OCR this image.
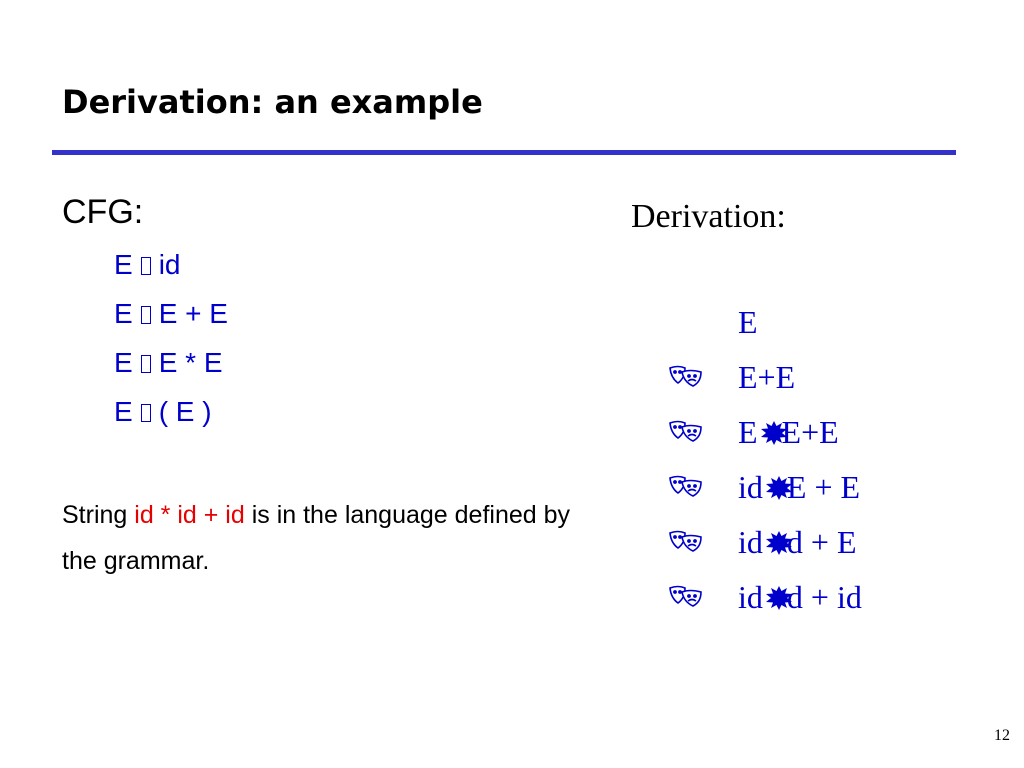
Derivation: an example
CFG:
E id
E E + E
E E * E
E ( E )
String id * id + id is in the language defined by the grammar.
Derivation:
E
E+E
E E+E
id E + E
id d + E
id d + id
12
